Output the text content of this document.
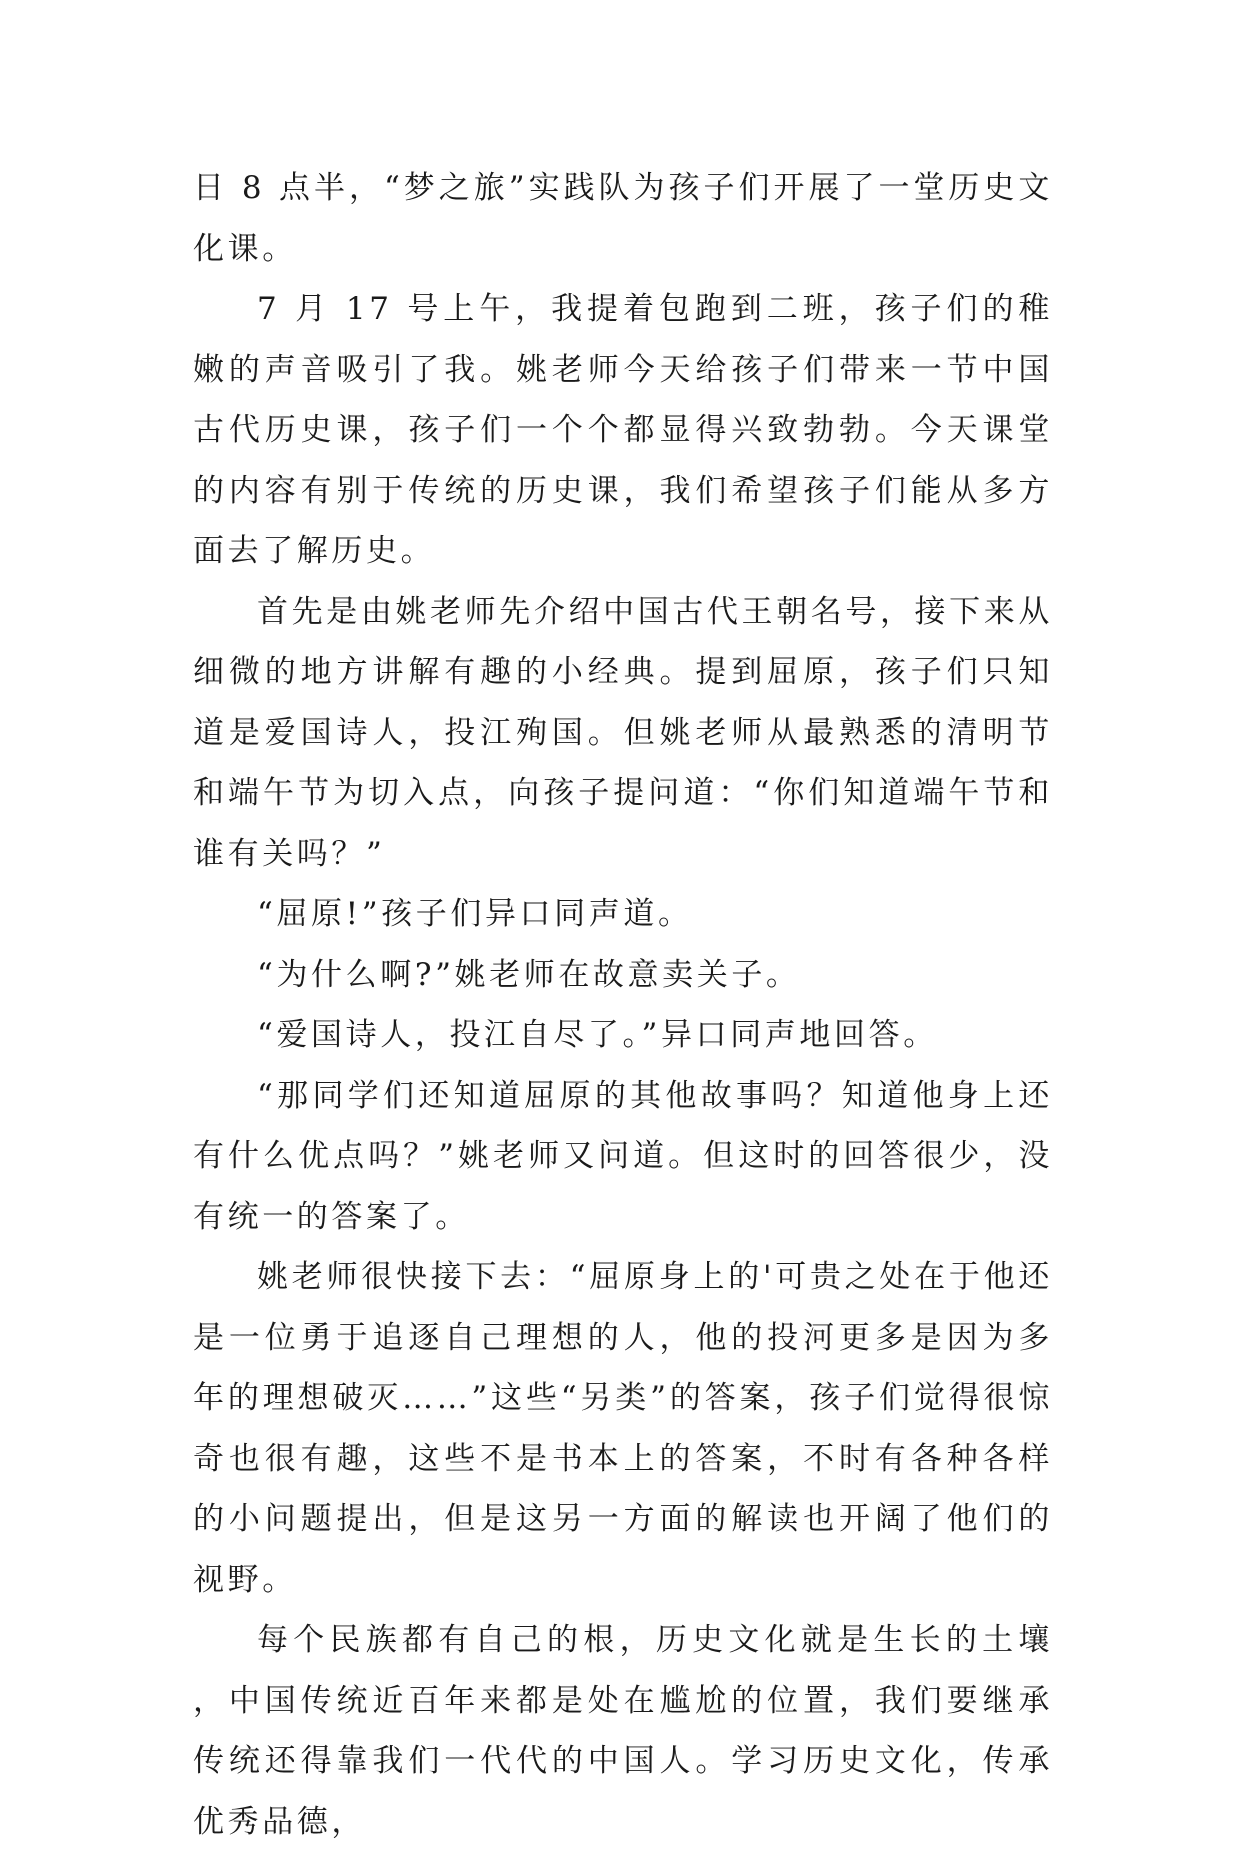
日 8 点半，“梦之旅”实践队为孩子们开展了一堂历史文化课。

7 月 17 号上午，我提着包跑到二班，孩子们的稚嫩的声音吸引了我。姚老师今天给孩子们带来一节中国古代历史课，孩子们一个个都显得兴致勃勃。今天课堂的内容有别于传统的历史课，我们希望孩子们能从多方面去了解历史。

首先是由姚老师先介绍中国古代王朝名号，接下来从细微的地方讲解有趣的小经典。提到屈原，孩子们只知道是爱国诗人，投江殉国。但姚老师从最熟悉的清明节和端午节为切入点，向孩子提问道：“你们知道端午节和谁有关吗？”

“屈原!”孩子们异口同声道。

“为什么啊?”姚老师在故意卖关子。

“爱国诗人，投江自尽了。”异口同声地回答。

“那同学们还知道屈原的其他故事吗？知道他身上还有什么优点吗？”姚老师又问道。但这时的回答很少，没有统一的答案了。

姚老师很快接下去：“屈原身上的'可贵之处在于他还是一位勇于追逐自己理想的人，他的投河更多是因为多年的理想破灭……”这些“另类”的答案，孩子们觉得很惊奇也很有趣，这些不是书本上的答案，不时有各种各样的小问题提出，但是这另一方面的解读也开阔了他们的视野。

每个民族都有自己的根，历史文化就是生长的土壤 ，中国传统近百年来都是处在尴尬的位置，我们要继承传统还得靠我们一代代的中国人。学习历史文化，传承优秀品德，
